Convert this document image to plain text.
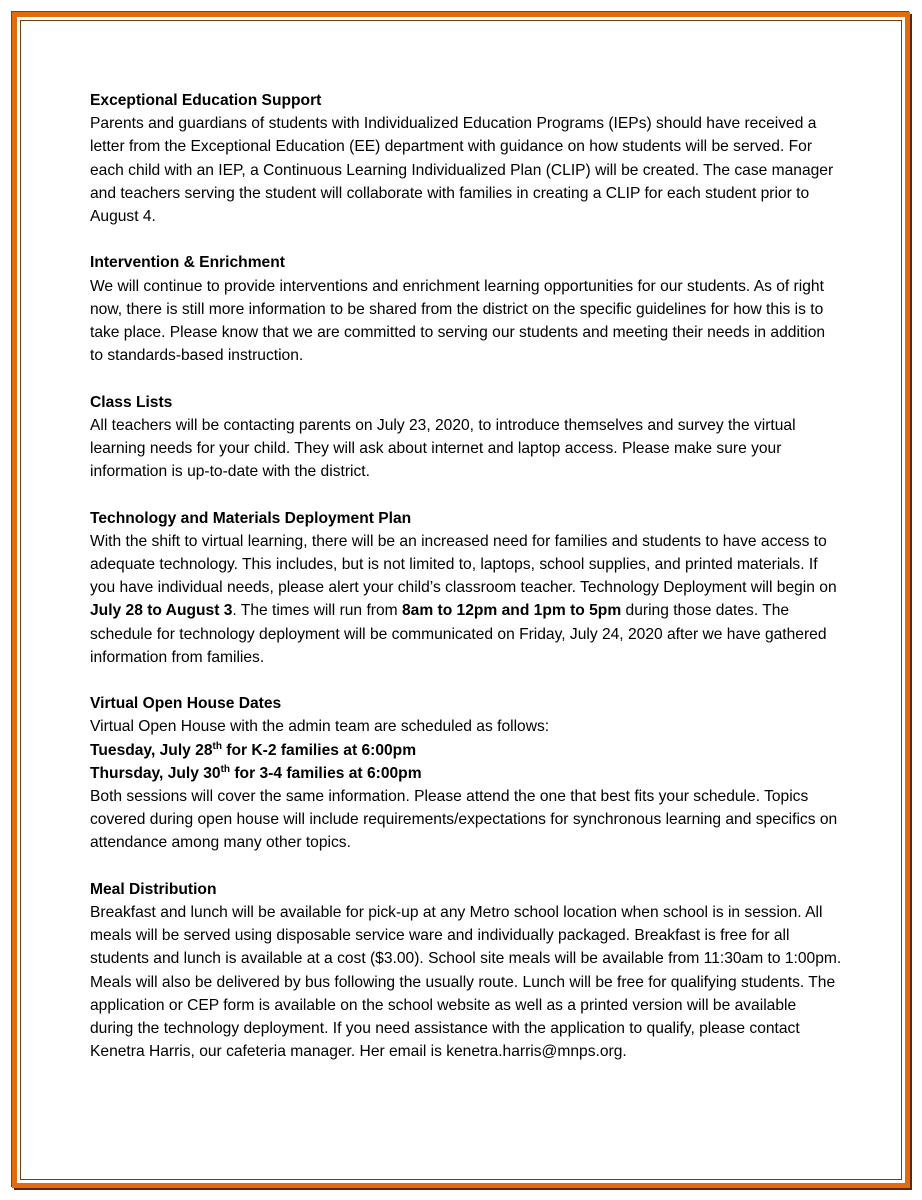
Exceptional Education Support

Parents and guardians of students with Individualized Education Programs (IEPs) should have received a letter from the Exceptional Education (EE) department with guidance on how students will be served. For each child with an IEP, a Continuous Learning Individualized Plan (CLIP) will be created. The case manager and teachers serving the student will collaborate with families in creating a CLIP for each student prior to August 4.

Intervention & Enrichment

We will continue to provide interventions and enrichment learning opportunities for our students. As of right now, there is still more information to be shared from the district on the specific guidelines for how this is to take place. Please know that we are committed to serving our students and meeting their needs in addition to standards-based instruction.

Class Lists

All teachers will be contacting parents on July 23, 2020, to introduce themselves and survey the virtual learning needs for your child. They will ask about internet and laptop access. Please make sure your information is up-to-date with the district.

Technology and Materials Deployment Plan

With the shift to virtual learning, there will be an increased need for families and students to have access to adequate technology. This includes, but is not limited to, laptops, school supplies, and printed materials. If you have individual needs, please alert your child’s classroom teacher. Technology Deployment will begin on July 28 to August 3. The times will run from 8am to 12pm and 1pm to 5pm during those dates. The schedule for technology deployment will be communicated on Friday, July 24, 2020 after we have gathered information from families.

Virtual Open House Dates

Virtual Open House with the admin team are scheduled as follows:

Tuesday, July 28th for K-2 families at 6:00pm
Thursday, July 30th for 3-4 families at 6:00pm

Both sessions will cover the same information. Please attend the one that best fits your schedule. Topics covered during open house will include requirements/expectations for synchronous learning and specifics on attendance among many other topics.

Meal Distribution

Breakfast and lunch will be available for pick-up at any Metro school location when school is in session. All meals will be served using disposable service ware and individually packaged. Breakfast is free for all students and lunch is available at a cost ($3.00). School site meals will be available from 11:30am to 1:00pm. Meals will also be delivered by bus following the usually route. Lunch will be free for qualifying students. The application or CEP form is available on the school website as well as a printed version will be available during the technology deployment. If you need assistance with the application to qualify, please contact Kenetra Harris, our cafeteria manager. Her email is kenetra.harris@mnps.org.
